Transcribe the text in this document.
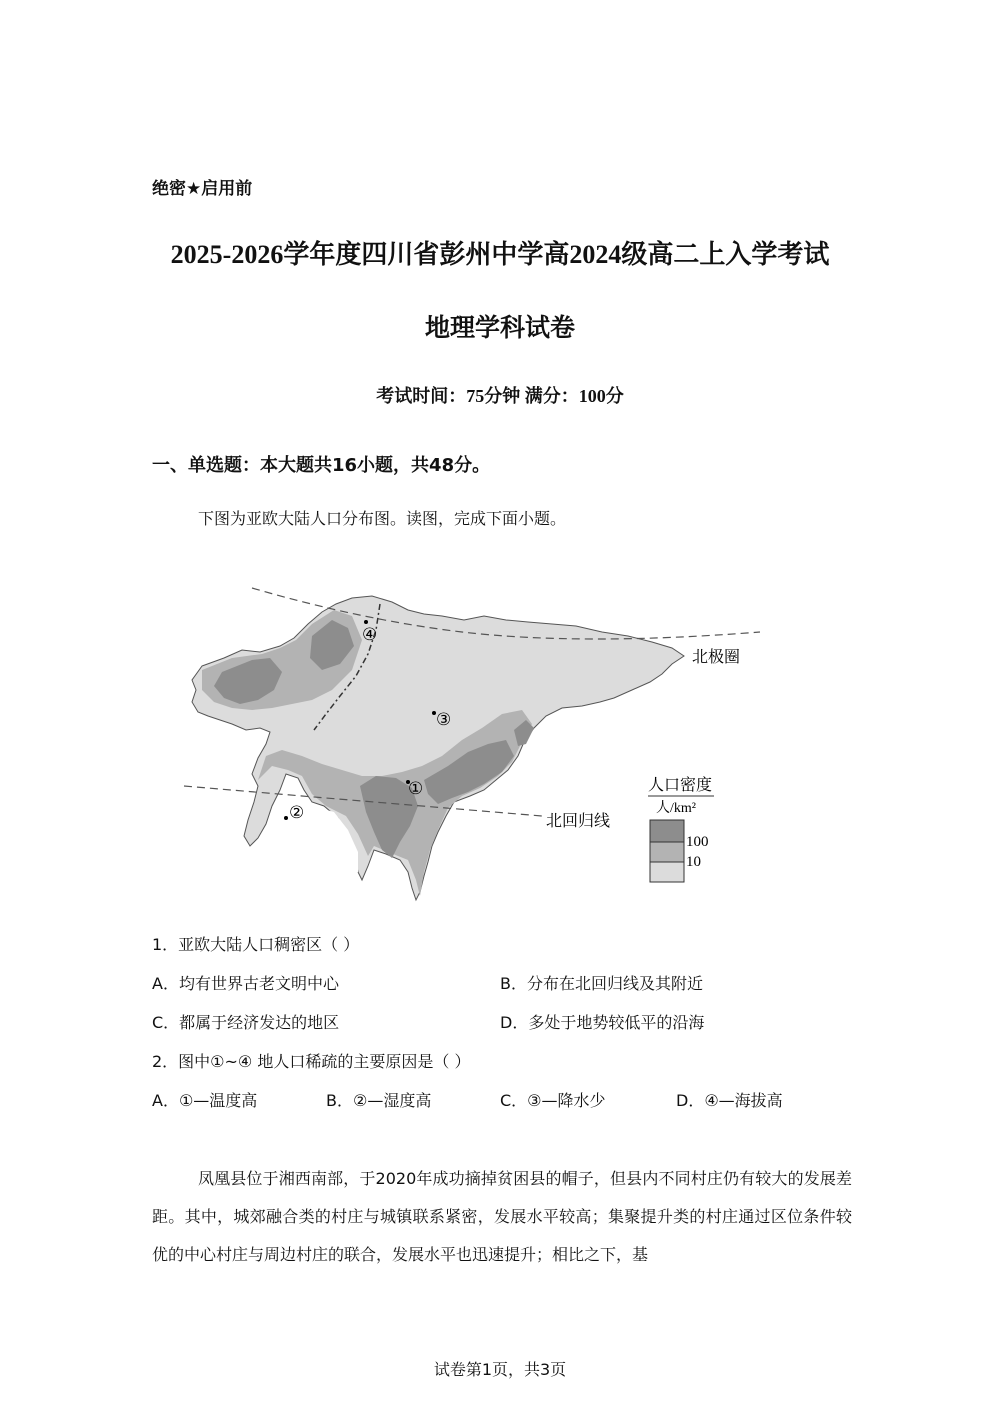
绝密★启用前
2025-2026学年度四川省彭州中学高2024级高二上入学考试
地理学科试卷
考试时间：75分钟 满分：100分
一、单选题：本大题共16小题，共48分。
下图为亚欧大陆人口分布图。读图，完成下面小题。
①
②
③
④
北极圈
北回归线
人口密度
人/km²
100
10
1．亚欧大陆人口稠密区（ ）
A．均有世界古老文明中心	B．分布在北回归线及其附近
C．都属于经济发达的地区	D．多处于地势较低平的沿海
2．图中①~④ 地人口稀疏的主要原因是（ ）
A．①—温度高	B．②—湿度高	C．③—降水少	D．④—海拔高
凤凰县位于湘西南部，于2020年成功摘掉贫困县的帽子，但县内不同村庄仍有较大的发展差距。其中，城郊融合类的村庄与城镇联系紧密，发展水平较高；集聚提升类的村庄通过区位条件较优的中心村庄与周边村庄的联合，发展水平也迅速提升；相比之下，基
试卷第1页，共3页
